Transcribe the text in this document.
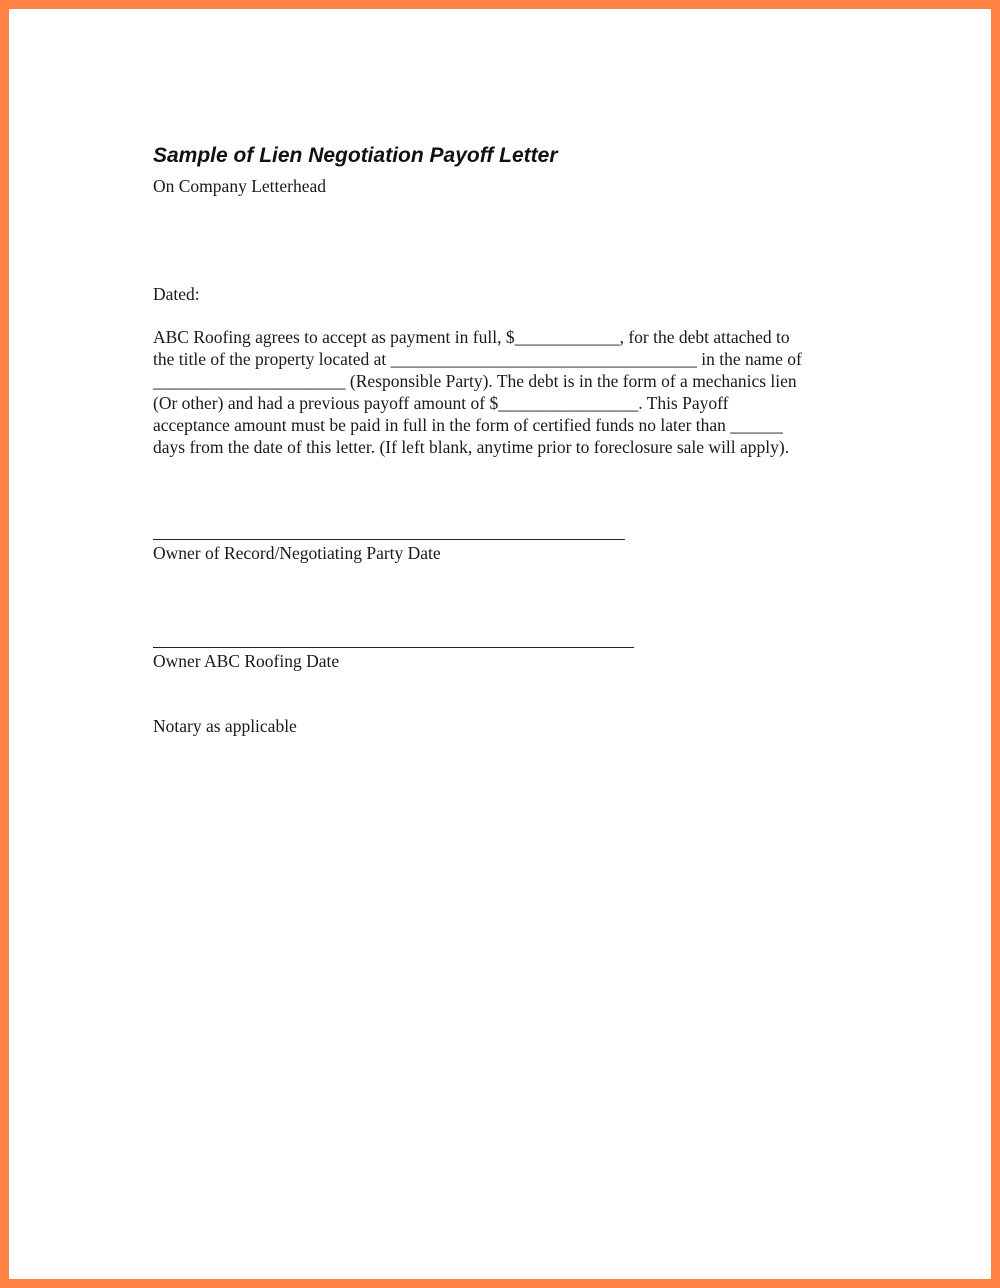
Sample of Lien Negotiation Payoff Letter
On Company Letterhead
Dated:
ABC Roofing agrees to accept as payment in full, $____________, for the debt attached to
the title of the property located at ___________________________________ in the name of
______________________ (Responsible Party). The debt is in the form of a mechanics lien
(Or other) and had a previous payoff amount of $________________. This Payoff
acceptance amount must be paid in full in the form of certified funds no later than ______
days from the date of this letter. (If left blank, anytime prior to foreclosure sale will apply).
Owner of Record/Negotiating Party Date
Owner ABC Roofing Date
Notary as applicable
